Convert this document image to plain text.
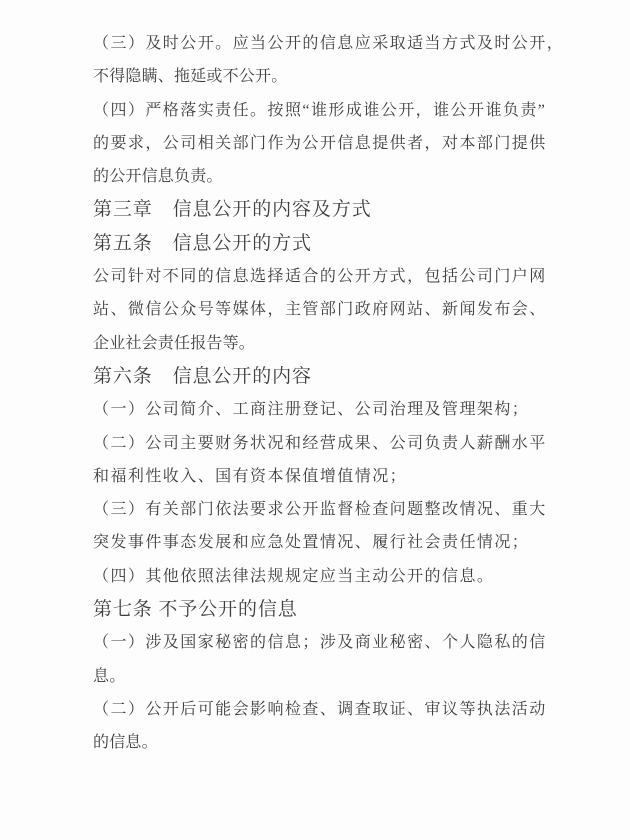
（三）及时公开。应当公开的信息应采取适当方式及时公开，
不得隐瞒、拖延或不公开。
（四）严格落实责任。按照“谁形成谁公开，谁公开谁负责”
的要求，公司相关部门作为公开信息提供者，对本部门提供
的公开信息负责。
第三章　信息公开的内容及方式
第五条　信息公开的方式
公司针对不同的信息选择适合的公开方式，包括公司门户网
站、微信公众号等媒体，主管部门政府网站、新闻发布会、
企业社会责任报告等。
第六条　信息公开的内容
（一）公司简介、工商注册登记、公司治理及管理架构；
（二）公司主要财务状况和经营成果、公司负责人薪酬水平
和福利性收入、国有资本保值增值情况；
（三）有关部门依法要求公开监督检查问题整改情况、重大
突发事件事态发展和应急处置情况、履行社会责任情况；
（四）其他依照法律法规规定应当主动公开的信息。
第七条 不予公开的信息
（一）涉及国家秘密的信息；涉及商业秘密、个人隐私的信
息。
（二）公开后可能会影响检查、调查取证、审议等执法活动
的信息。
